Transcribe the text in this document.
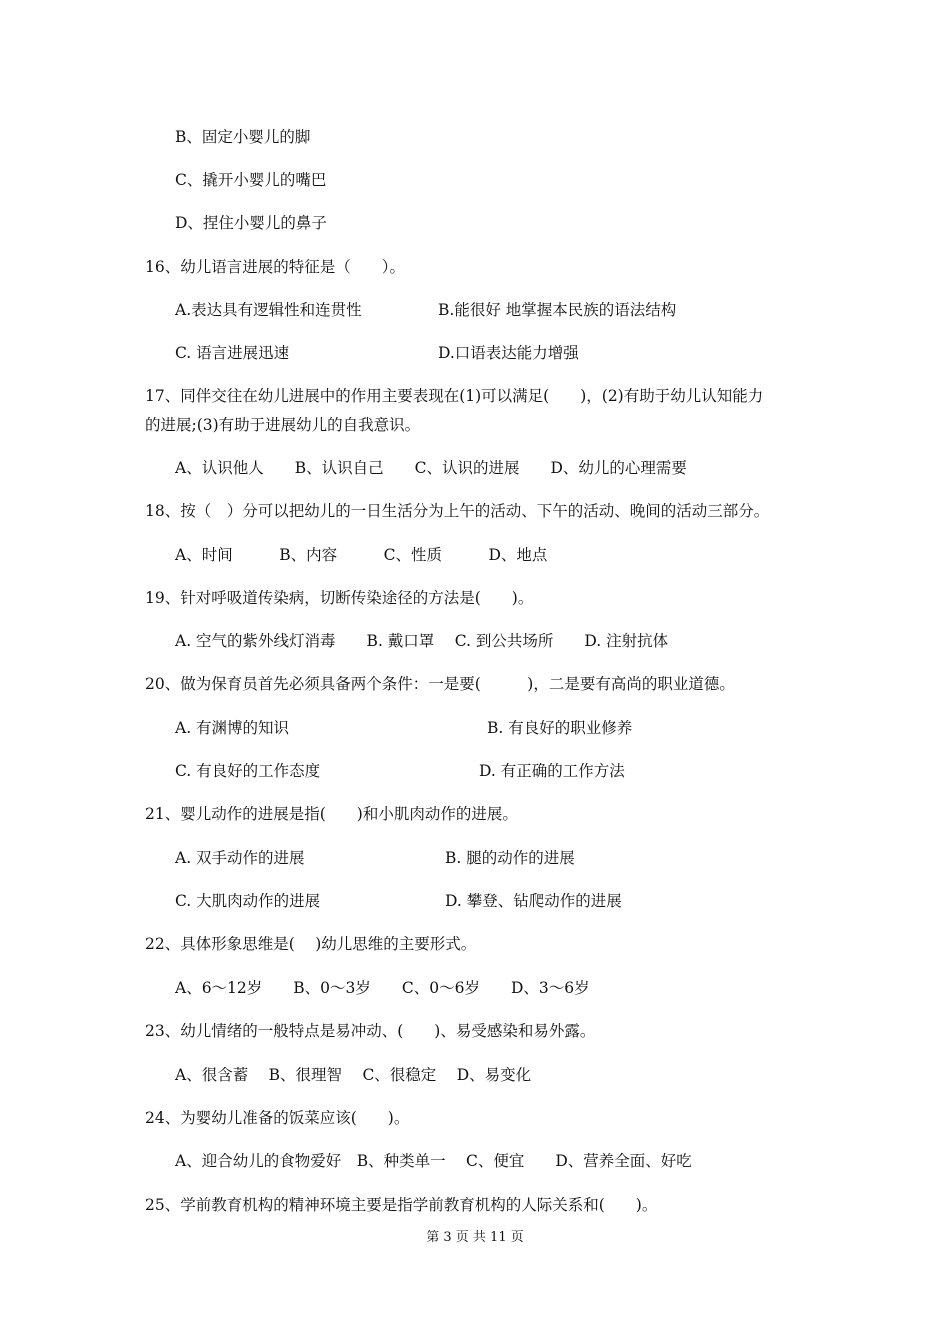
B、固定小婴儿的脚
C、撬开小婴儿的嘴巴
D、捏住小婴儿的鼻子
16、幼儿语言进展的特征是（　　）。
A.表达具有逻辑性和连贯性	B.能很好 地掌握本民族的语法结构
C. 语言进展迅速	D.口语表达能力增强
17、同伴交往在幼儿进展中的作用主要表现在(1)可以满足(　　)，(2)有助于幼儿认知能力
的进展;(3)有助于进展幼儿的自我意识。
A、认识他人　　B、认识自己　　C、认识的进展　　D、幼儿的心理需要
18、按（　）分可以把幼儿的一日生活分为上午的活动、下午的活动、晚间的活动三部分。
A、时间　　　B、内容　　　C、性质　　　D、地点
19、针对呼吸道传染病，切断传染途径的方法是(　　)。
A. 空气的紫外线灯消毒　　B. 戴口罩　 C. 到公共场所　　D. 注射抗体
20、做为保育员首先必须具备两个条件：一是要(　　　)，二是要有高尚的职业道德。
A. 有渊博的知识	B. 有良好的职业修养
C. 有良好的工作态度	D. 有正确的工作方法
21、婴儿动作的进展是指(　　)和小肌肉动作的进展。
A. 双手动作的进展	B. 腿的动作的进展
C. 大肌肉动作的进展	D. 攀登、钻爬动作的进展
22、具体形象思维是(　 )幼儿思维的主要形式。
A、6～12岁　　B、0～3岁　　C、0～6岁　　D、3～6岁
23、幼儿情绪的一般特点是易冲动、(　　)、易受感染和易外露。
A、很含蓄　 B、很理智　 C、很稳定　 D、易变化
24、为婴幼儿准备的饭菜应该(　　)。
A、迎合幼儿的食物爱好　B、种类单一　 C、便宜　　D、营养全面、好吃
25、学前教育机构的精神环境主要是指学前教育机构的人际关系和(　　)。
第 3 页 共 11 页
